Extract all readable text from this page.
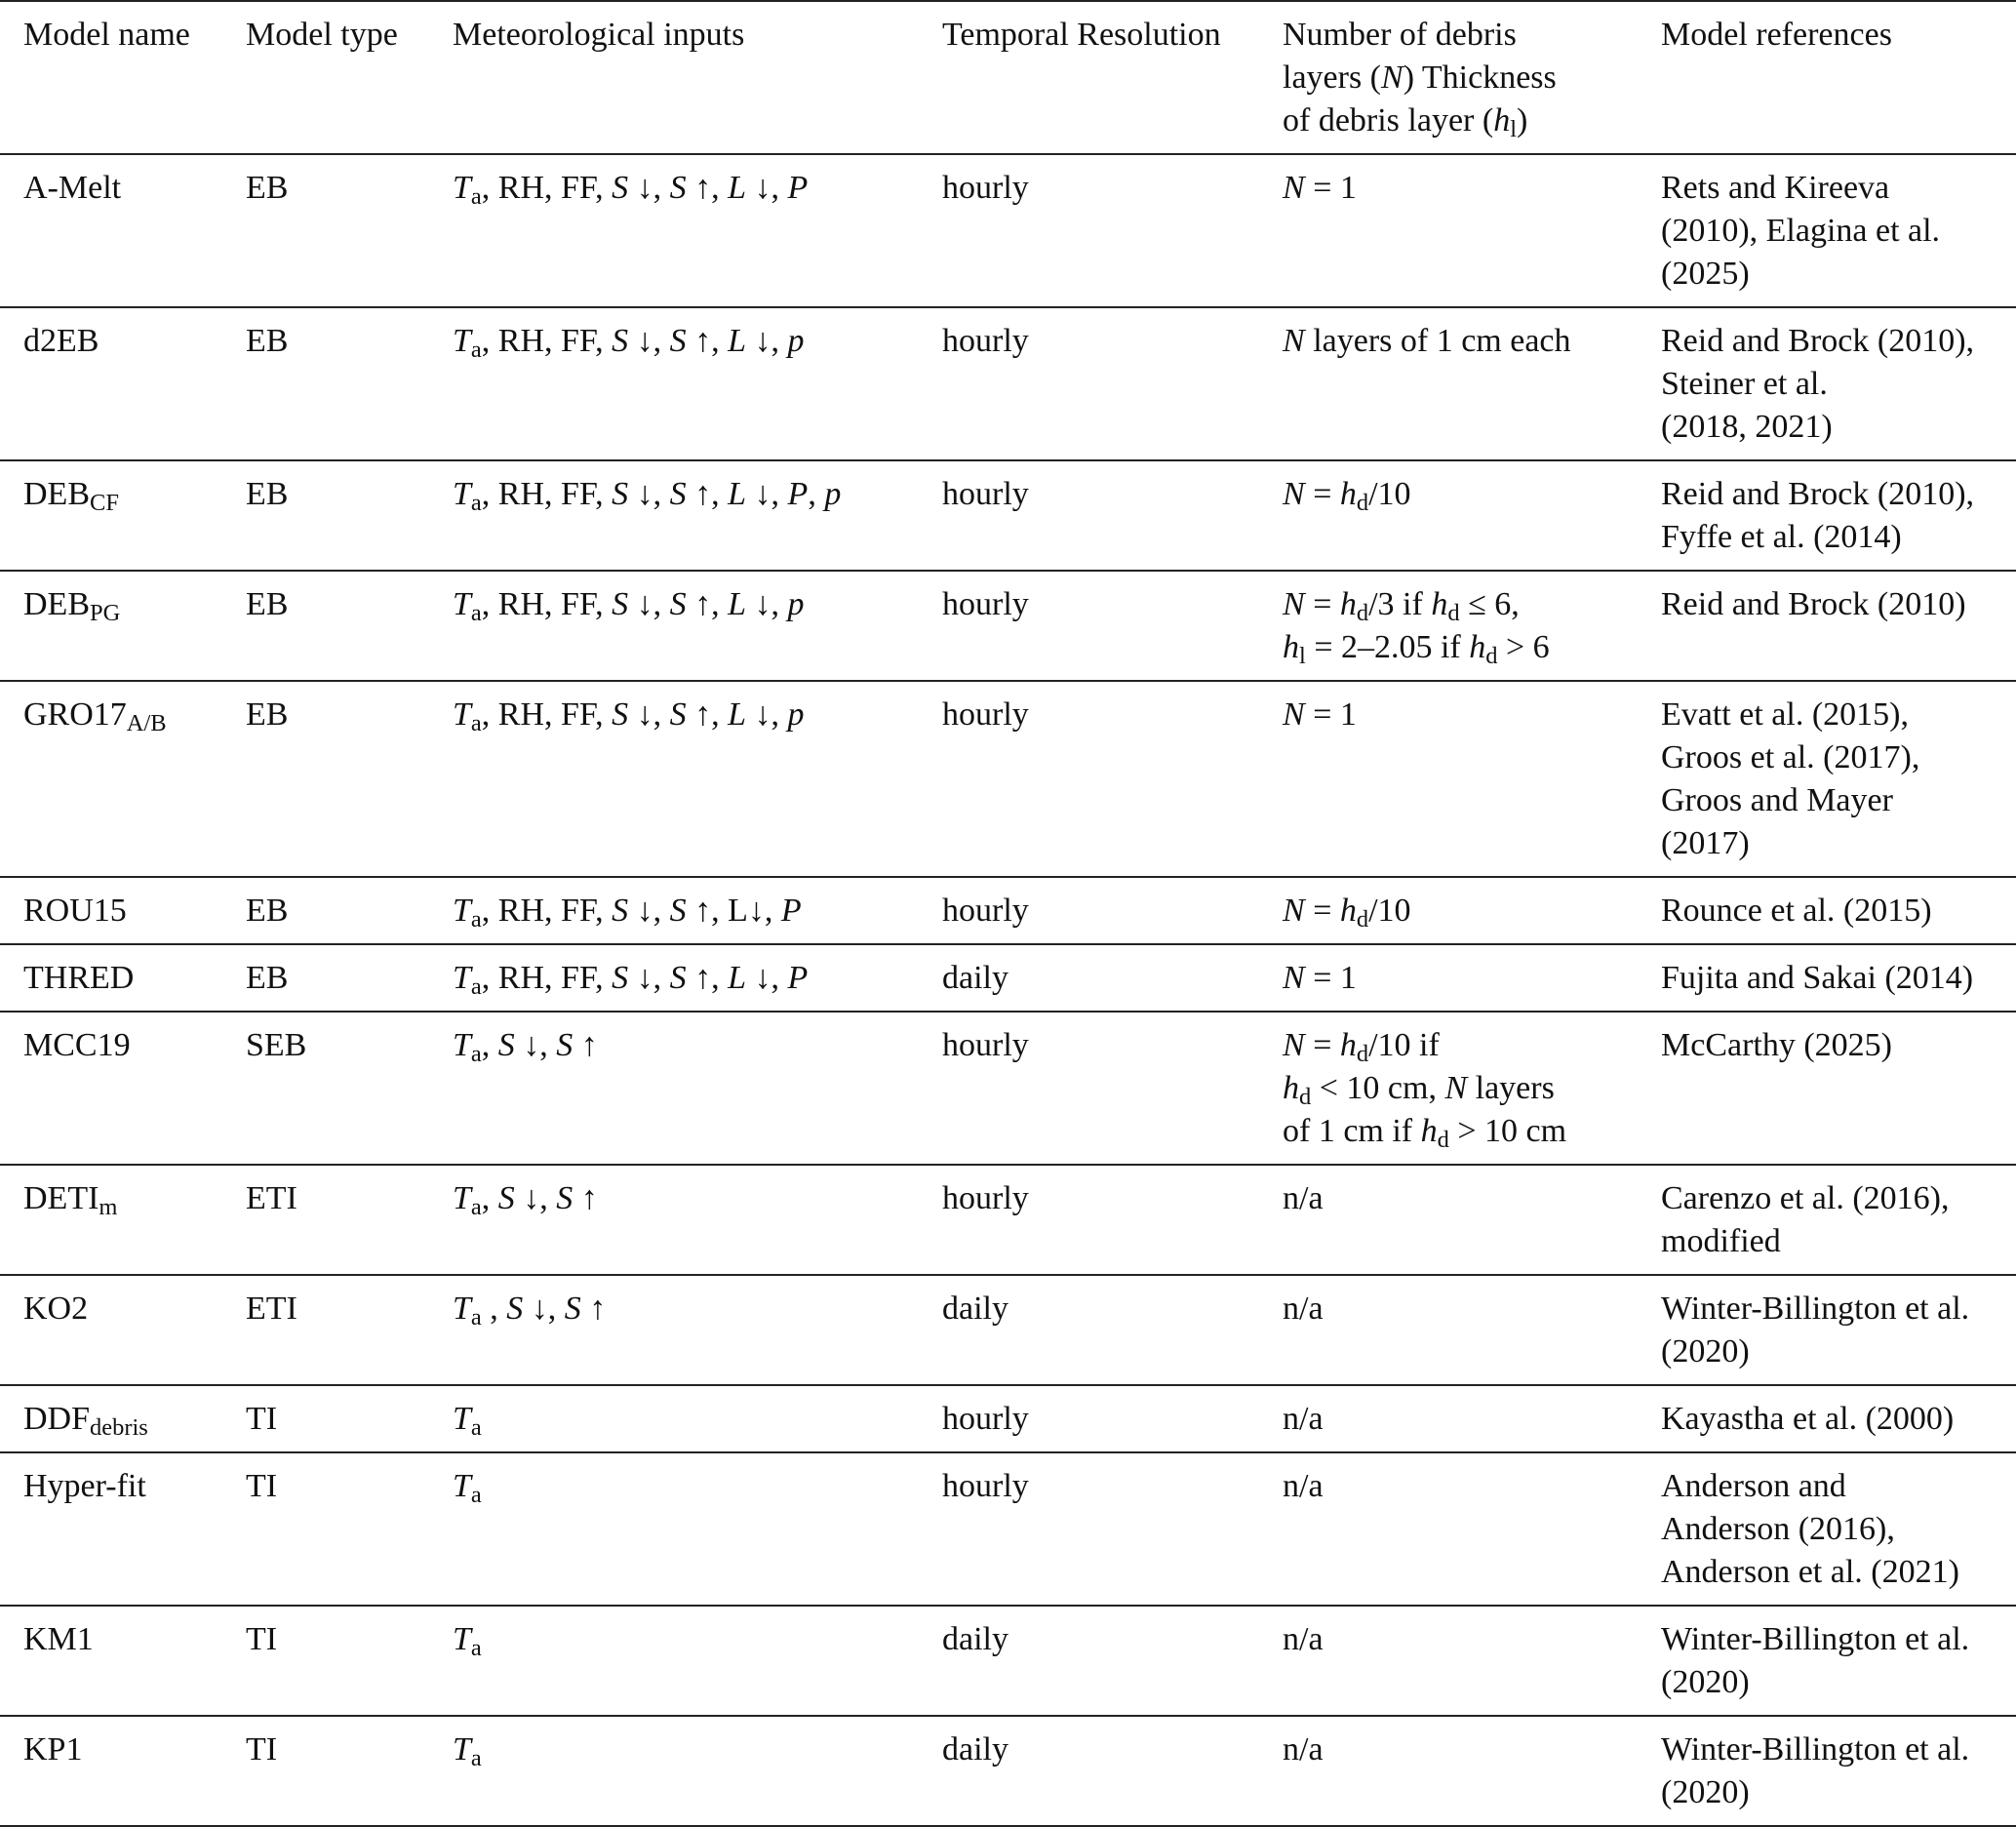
Model name	Model type	Meteorological inputs	Temporal Resolution	Number of debris
layers (N) Thickness
of debris layer $(h_l)$	Model references

A-Melt	EB	$T_a$, RH, FF, S ↓, S ↑, L ↓, P	hourly	N = 1	Rets and Kireeva
(2010), Elagina et al.
(2025)

d2EB	EB	$T_a$, RH, FF, S ↓, S ↑, L ↓, p	hourly	N layers of 1 cm each	Reid and Brock (2010),
Steiner et al.
(2018, 2021)

$DEB_{CF}$	EB	$T_a$, RH, FF, S ↓, S ↑, L ↓, P, p	hourly	$N = h_d/10$	Reid and Brock (2010),
Fyffe et al. (2014)

$DEB_{PG}$	EB	$T_a$, RH, FF, S ↓, S ↑, L ↓, p	hourly	$N = h_d/3$ if $h_d \le 6$,
$h_l = 2-2.05$ if $h_d > 6$	Reid and Brock (2010)

$GRO17_{A/B}$	EB	$T_a$, RH, FF, S ↓, S ↑, L ↓, p	hourly	N = 1	Evatt et al. (2015),
Groos et al. (2017),
Groos and Mayer
(2017)

ROU15	EB	$T_a$, RH, FF, S ↓, S ↑, L↓, P	hourly	$N = h_d/10$	Rounce et al. (2015)

THRED	EB	$T_a$, RH, FF, S ↓, S ↑, L ↓, P	daily	N = 1	Fujita and Sakai (2014)

MCC19	SEB	$T_a$, S ↓, S ↑	hourly	$N = h_d/10$ if
$h_d < 10$ cm, N layers
of 1 cm if $h_d > 10$ cm	McCarthy (2025)

$DETI_m$	ETI	$T_a$, S ↓, S ↑	hourly	n/a	Carenzo et al. (2016),
modified

KO2	ETI	$T_a$ , S ↓, S ↑	daily	n/a	Winter-Billington et al.
(2020)

$DDF_{debris}$	TI	$T_a$	hourly	n/a	Kayastha et al. (2000)

Hyper-fit	TI	$T_a$	hourly	n/a	Anderson and
Anderson (2016),
Anderson et al. (2021)

KM1	TI	$T_a$	daily	n/a	Winter-Billington et al.
(2020)

KP1	TI	$T_a$	daily	n/a	Winter-Billington et al.
(2020)
